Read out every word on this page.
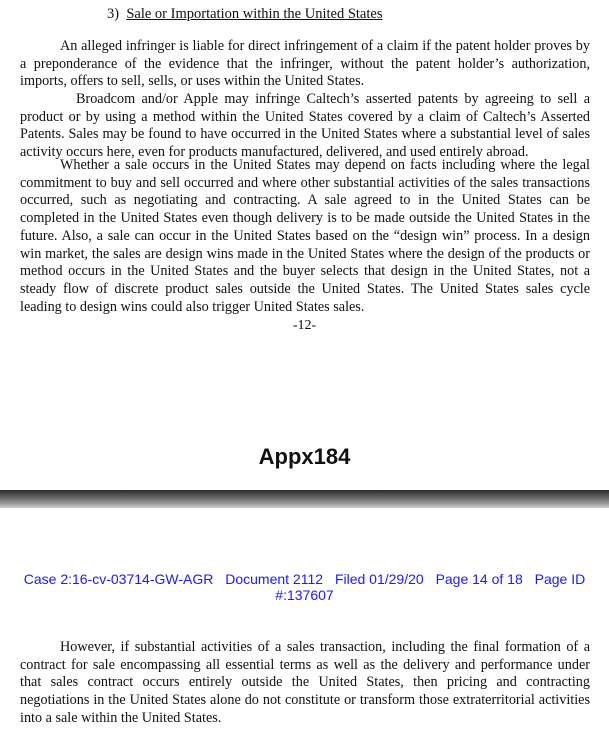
3) Sale or Importation within the United States

An alleged infringer is liable for direct infringement of a claim if the patent holder proves by a preponderance of the evidence that the infringer, without the patent holder’s authorization, imports, offers to sell, sells, or uses within the United States.

Broadcom and/or Apple may infringe Caltech’s asserted patents by agreeing to sell a product or by using a method within the United States covered by a claim of Caltech’s Asserted Patents. Sales may be found to have occurred in the United States where a substantial level of sales activity occurs here, even for products manufactured, delivered, and used entirely abroad.

Whether a sale occurs in the United States may depend on facts including where the legal commitment to buy and sell occurred and where other substantial activities of the sales transactions occurred, such as negotiating and contracting. A sale agreed to in the United States can be completed in the United States even though delivery is to be made outside the United States in the future. Also, a sale can occur in the United States based on the “design win” process. In a design win market, the sales are design wins made in the United States where the design of the products or method occurs in the United States and the buyer selects that design in the United States, not a steady flow of discrete product sales outside the United States. The United States sales cycle leading to design wins could also trigger United States sales.

-12-
Appx184
Case 2:16-cv-03714-GW-AGR Document 2112 Filed 01/29/20 Page 14 of 18 Page ID
#:137607

However, if substantial activities of a sales transaction, including the final formation of a contract for sale encompassing all essential terms as well as the delivery and performance under that sales contract occurs entirely outside the United States, then pricing and contracting negotiations in the United States alone do not constitute or transform those extraterritorial activities into a sale within the United States.
